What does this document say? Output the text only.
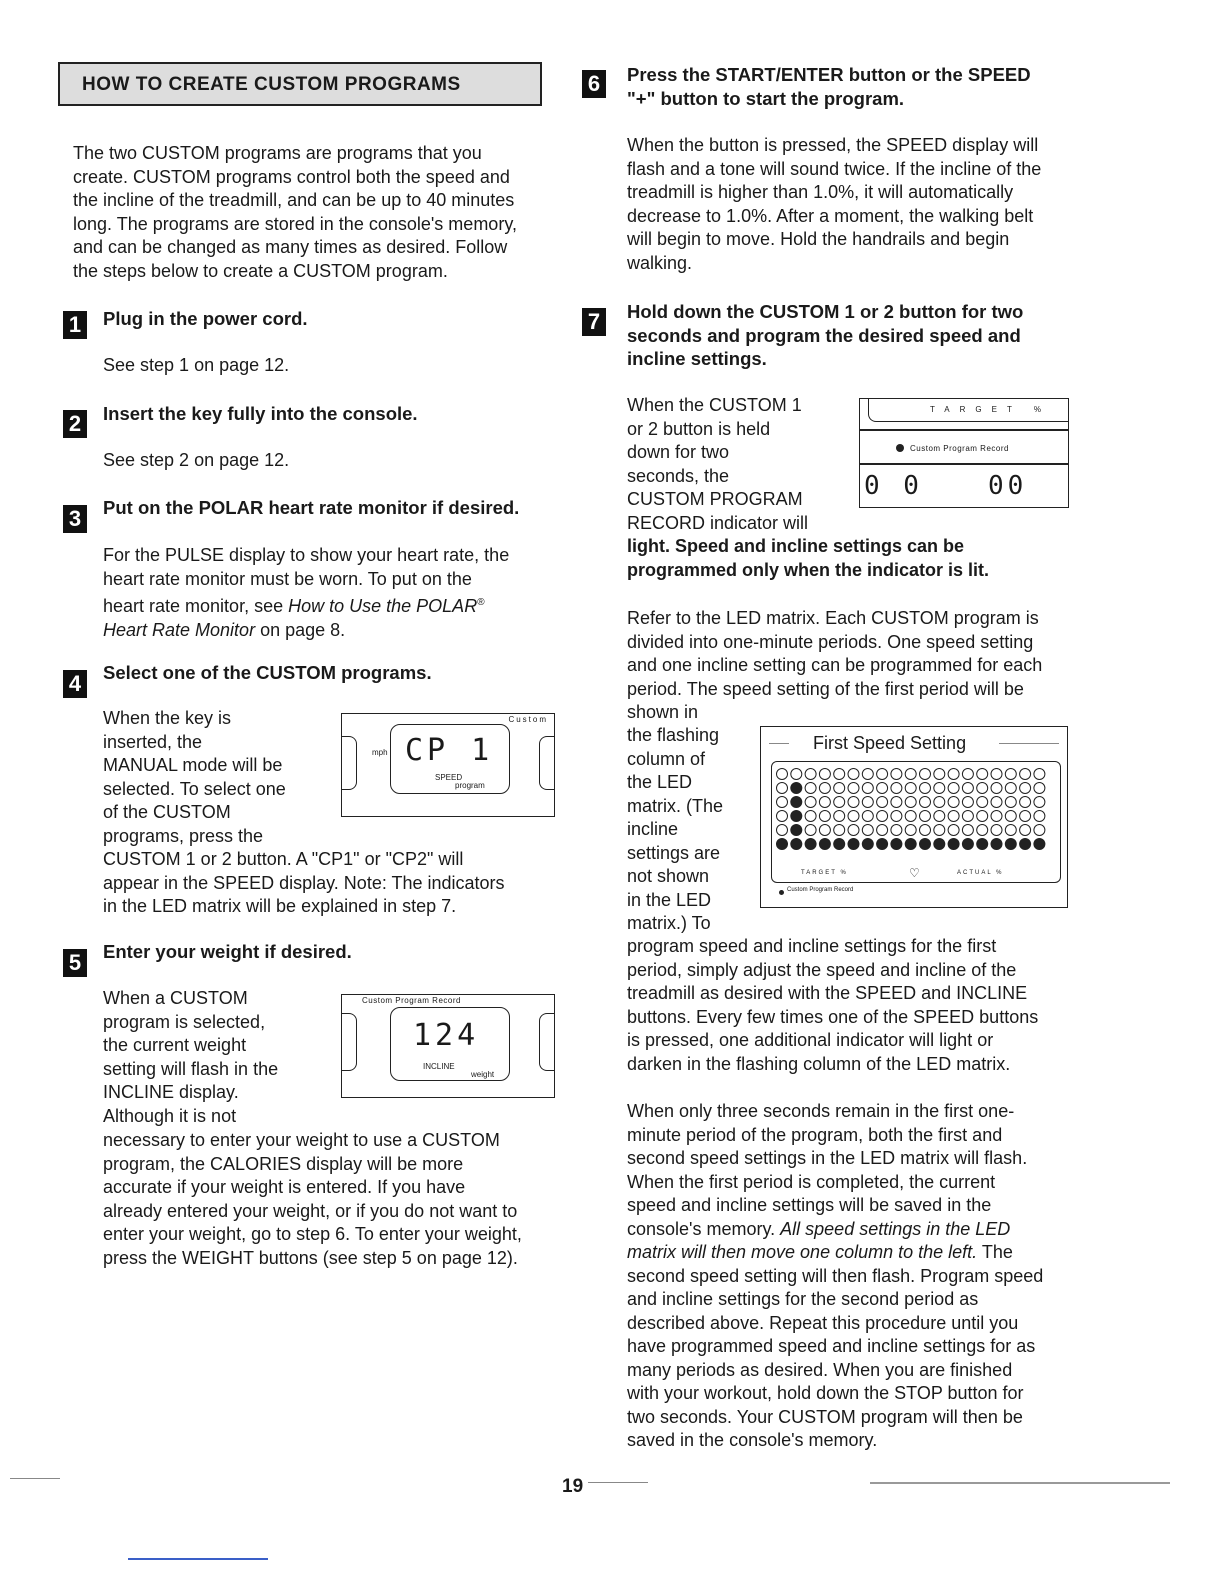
HOW TO CREATE CUSTOM PROGRAMS

The two CUSTOM programs are programs that you

create. CUSTOM programs control both the speed and

the incline of the treadmill, and can be up to 40 minutes

long. The programs are stored in the console's memory,

and can be changed as many times as desired. Follow

the steps below to create a CUSTOM program.

1	Plug in the power cord.

See step 1 on page 12.

2	Insert the key fully into the console.

See step 2 on page 12.

3	Put on the POLAR heart rate monitor if desired.

For the PULSE display to show your heart rate, the

heart rate monitor must be worn. To put on the

heart rate monitor, see How to Use the POLAR®

Heart Rate Monitor on page 8.

4	Select one of the CUSTOM programs.

When the key is

inserted, the

MANUAL mode will be

selected. To select one

of the CUSTOM

programs, press the

CUSTOM 1 or 2 button. A "CP1" or "CP2" will

appear in the SPEED display. Note: The indicators

in the LED matrix will be explained in step 7.

Custom
mph CP 1
SPEED
program
5	Enter your weight if desired.

When a CUSTOM

program is selected,

the current weight

setting will flash in the

INCLINE display.

Although it is not

necessary to enter your weight to use a CUSTOM

program, the CALORIES display will be more

accurate if your weight is entered. If you have

already entered your weight, or if you do not want to

enter your weight, go to step 6. To enter your weight,

press the WEIGHT buttons (see step 5 on page 12).

Custom Program Record
124
INCLINE
weight
6	Press the START/ENTER button or the SPEED

"+" button to start the program.

When the button is pressed, the SPEED display will

flash and a tone will sound twice. If the incline of the

treadmill is higher than 1.0%, it will automatically

decrease to 1.0%. After a moment, the walking belt

will begin to move. Hold the handrails and begin

walking.

7	Hold down the CUSTOM 1 or 2 button for two

seconds and program the desired speed and

incline settings.

When the CUSTOM 1

or 2 button is held

down for two

seconds, the

CUSTOM PROGRAM

RECORD indicator will

light. Speed and incline settings can be

programmed only when the indicator is lit.

TARGET %
Custom Program Record
0 0	00

Refer to the LED matrix. Each CUSTOM program is

divided into one-minute periods. One speed setting

and one incline setting can be programmed for each

period. The speed setting of the first period will be

shown in

the flashing

column of

the LED

matrix. (The

incline

settings are

not shown

in the LED

matrix.) To

First Speed Setting
TARGET %	♡	ACTUAL %
Custom Program Record

program speed and incline settings for the first

period, simply adjust the speed and incline of the

treadmill as desired with the SPEED and INCLINE

buttons. Every few times one of the SPEED buttons

is pressed, one additional indicator will light or

darken in the flashing column of the LED matrix.

When only three seconds remain in the first one-

minute period of the program, both the first and

second speed settings in the LED matrix will flash.

When the first period is completed, the current

speed and incline settings will be saved in the

console's memory. All speed settings in the LED

matrix will then move one column to the left. The

second speed setting will then flash. Program speed

and incline settings for the second period as

described above. Repeat this procedure until you

have programmed speed and incline settings for as

many periods as desired. When you are finished

with your workout, hold down the STOP button for

two seconds. Your CUSTOM program will then be

saved in the console's memory.

19
